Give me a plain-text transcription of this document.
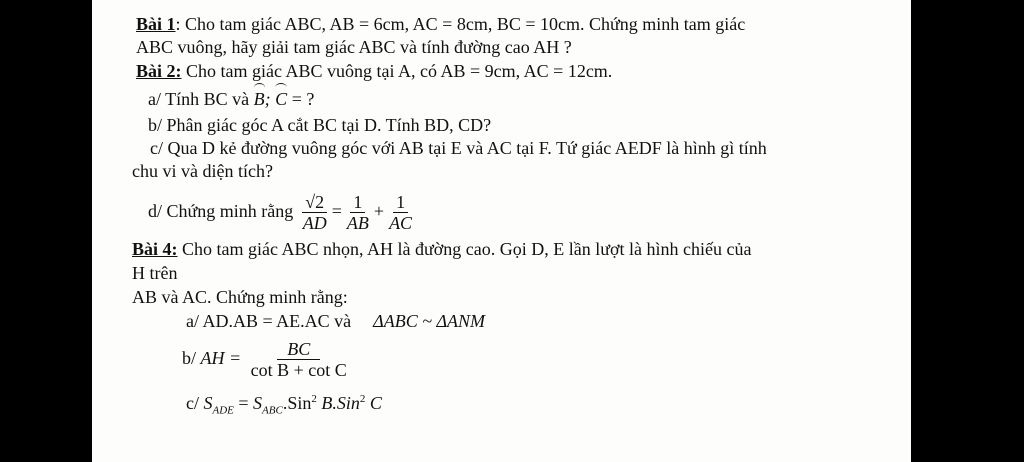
Bài 1: Cho tam giác ABC, AB = 6cm, AC = 8cm, BC = 10cm. Chứng minh tam giác
ABC vuông, hãy giải tam giác ABC và tính đường cao AH ?
Bài 2: Cho tam giác ABC vuông tại A, có AB = 9cm, AC = 12cm.
a/ Tính BC và B; C = ?
b/ Phân giác góc A cắt BC tại D. Tính BD, CD?
c/ Qua D kẻ đường vuông góc với AB tại E và AC tại F. Tứ giác AEDF là hình gì tính
chu vi và diện tích?
d/ Chứng minh rằng $\frac{√2}{AD} = \frac{1}{AB} + \frac{1}{AC}$
Bài 4: Cho tam giác ABC nhọn, AH là đường cao. Gọi D, E lần lượt là hình chiếu của
H trên
AB và AC. Chứng minh rằng:
a/ AD.AB = AE.AC và ΔABC ~ ΔANM
b/ AH = $\frac{BC}{\text{cot B + cot C}}$
c/ $S_{ADE} = S_{ABC}.Sin^2$ B.Sin$^2$ C
